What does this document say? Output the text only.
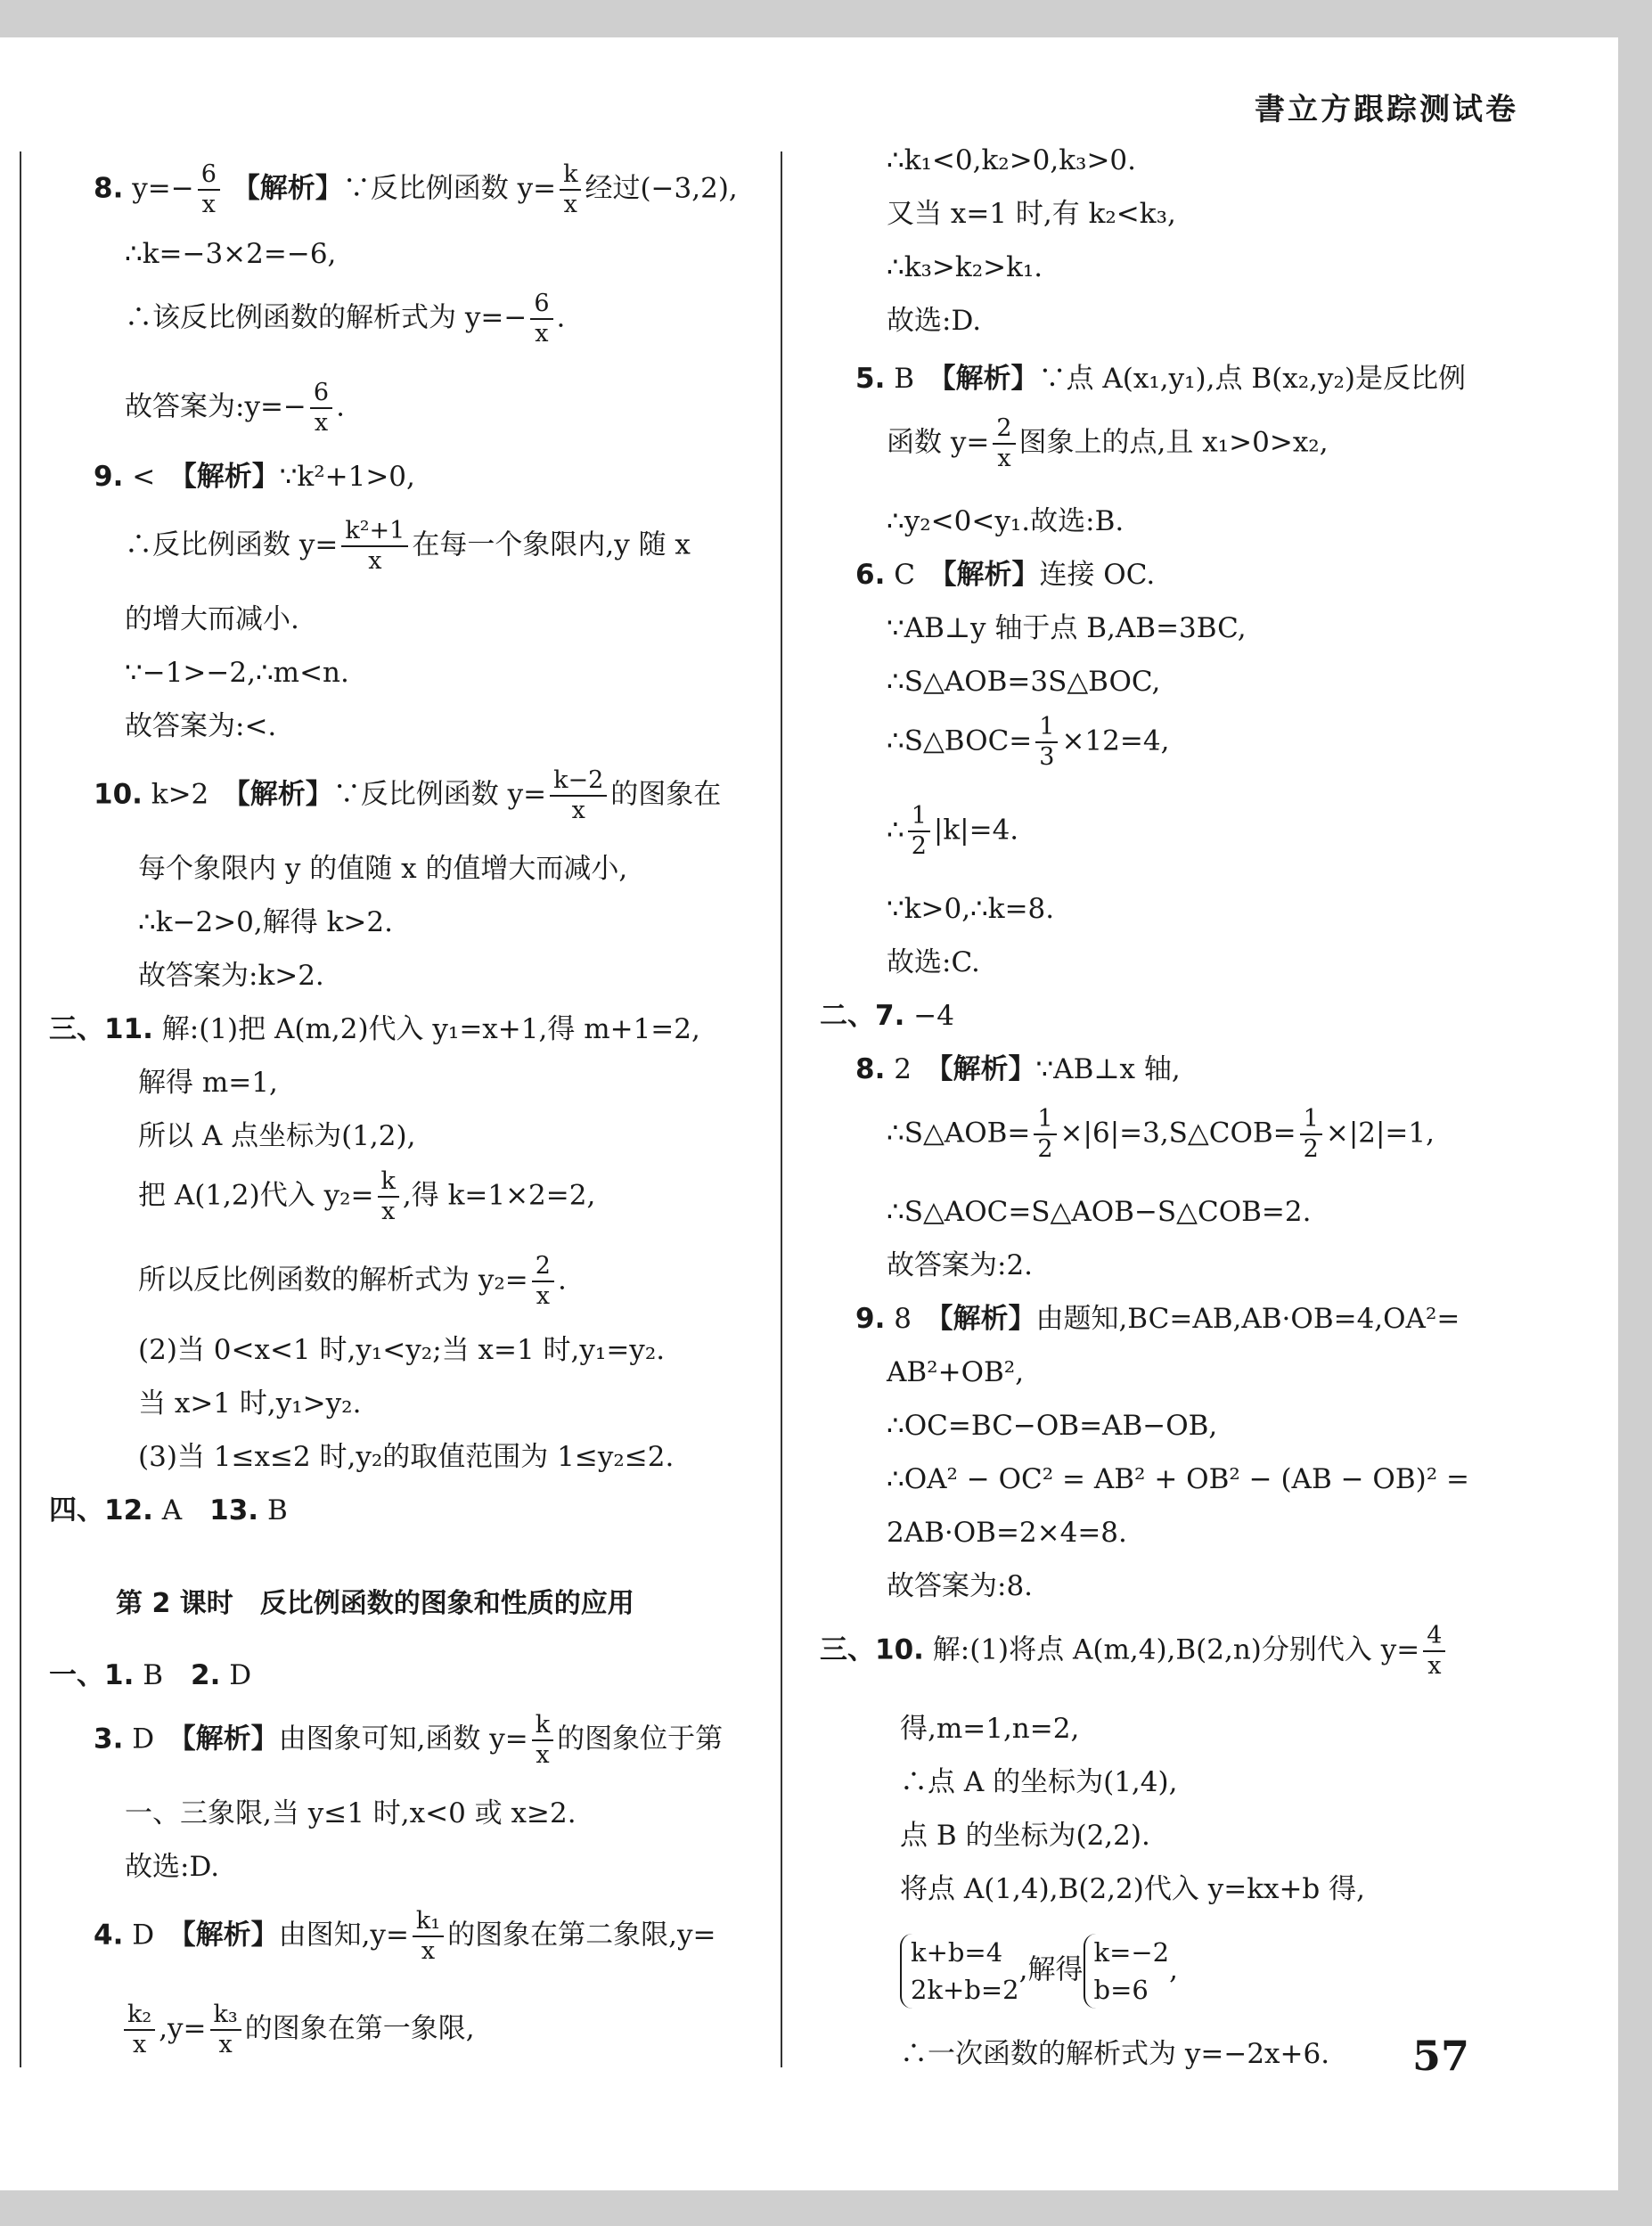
書立方跟踪测试卷
8. $y=- \frac{6}{x}$ 【解析】∵反比例函数 $y= \frac{k}{x}$ 经过(−3,2),
∴k=−3×2=−6,
∴该反比例函数的解析式为 $y=- \frac{6}{x}$ .
故答案为:y=− $\frac{6}{x}$ .
9. <　 【解析】∵k²+1>0,
∴反比例函数 $y= \frac{\text{k²+1}}{x}$ 在每一个象限内,y 随 x
的增大而减小.
∵−1>−2,∴m<n.
故答案为:<.
10. k>2　 【解析】∵反比例函数 $y= \frac{k-2}{x}$ 的图象在
每个象限内 y 的值随 x 的值增大而减小,
∴k−2>0,解得 k>2.
故答案为:k>2.
三、11. 解:(1)把 A(m,2)代入 y₁=x+1,得 m+1=2,
解得 m=1,
所以 A 点坐标为(1,2),
把 A(1,2)代入 $y_2= \frac{k}{x}$ ,得 k=1×2=2,
所以反比例函数的解析式为 $y_2= \frac{2}{x}$ .
(2)当 0<x<1 时,y₁<y₂;当 x=1 时,y₁=y₂.
当 x>1 时,y₁>y₂.
(3)当 1≤x≤2 时,y₂的取值范围为 1≤y₂≤2.
四、12. A　 13. B
第 2 课时　反比例函数的图象和性质的应用
一、1. B　 2. D
3. D　 【解析】由图象可知,函数 $y= \frac{k}{x}$ 的图象位于第
一、三象限,当 y≤1 时,x<0 或 x≥2.
故选:D.
4. D　 【解析】由图知$,y= \frac{\text{k₁}}{x}$ 的图象在第二象限,y=
$\frac{\text{k₂}}{x} ,y= \frac{\text{k₃}}{x}$ 的图象在第一象限,
∴k₁<0,k₂>0,k₃>0.
又当 x=1 时,有 k₂<k₃,
∴k₃>k₂>k₁.
故选:D.
5. B　 【解析】∵点 A(x₁,y₁),点 B(x₂,y₂)是反比例
函数 $y= \frac{2}{x}$ 图象上的点,且 x₁>0>x₂,
∴y₂<0<y₁.故选:B.
6. C　 【解析】连接 OC.
∵AB⊥y 轴于点 B,AB=3BC,
∴S△AOB=3S△BOC,
∴S△BOC= $\frac{1}{3} \times 12=4$,
∴ $\frac{1}{2} |k|=4$.
∵k>0,∴k=8.
故选:C.
二、7. −4
8. 2　 【解析】∵AB⊥x 轴,
∴S△AOB= $\frac{1}{2}$ ×|6|=3,S△COB= $\frac{1}{2} \times|2|=1$,
∴S△AOC=S△AOB−S△COB=2.
故答案为:2.
9. 8　 【解析】由题知,BC=AB,AB·OB=4,OA²=
AB²+OB²,
∴OC=BC−OB=AB−OB,
∴OA² − OC² = AB² + OB² − (AB − OB)² =
2AB·OB=2×4=8.
故答案为:8.
三、10. 解:(1)将点 A(m,4),B(2,n)分别代入 $y= \frac{4}{x}$
得,m=1,n=2,
∴点 A 的坐标为(1,4),
点 B 的坐标为(2,2).
将点 A(1,4),B(2,2)代入 y=kx+b 得,
k+b=4
2k+b=2
,解得
k=−2
b=6
,
∴一次函数的解析式为 y=−2x+6. 57
